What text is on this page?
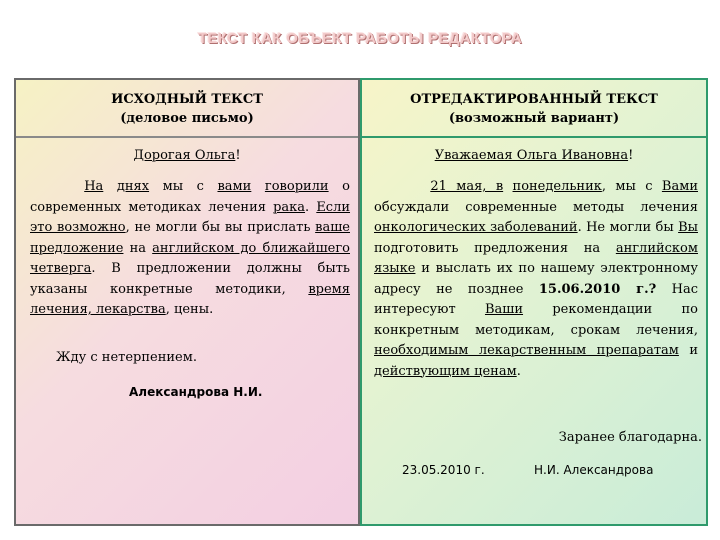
ТЕКСТ КАК ОБЪЕКТ РАБОТЫ РЕДАКТОРА
ИСХОДНЫЙ ТЕКСТ
(деловое письмо)
Дорогая Ольга!
На днях мы с вами говорили о современных методиках лечения рака. Если это возможно, не могли бы вы прислать ваше предложение на английском до ближайшего четверга. В предложении должны быть указаны конкретные методики, время лечения, лекарства, цены.
Жду с нетерпением.
Александрова Н.И.
ОТРЕДАКТИРОВАННЫЙ ТЕКСТ
(возможный вариант)
Уважаемая Ольга Ивановна!
21 мая, в понедельник, мы с Вами обсуждали современные методы лечения онкологических заболеваний. Не могли бы Вы подготовить предложения на английском языке и выслать их по нашему электронному адресу не позднее 15.06.2010 г.? Нас интересуют Ваши рекомендации по конкретным методикам, срокам лечения, необходимым лекарственным препаратам и действующим ценам.
Заранее благодарна.
23.05.2010 г.	Н.И. Александрова
